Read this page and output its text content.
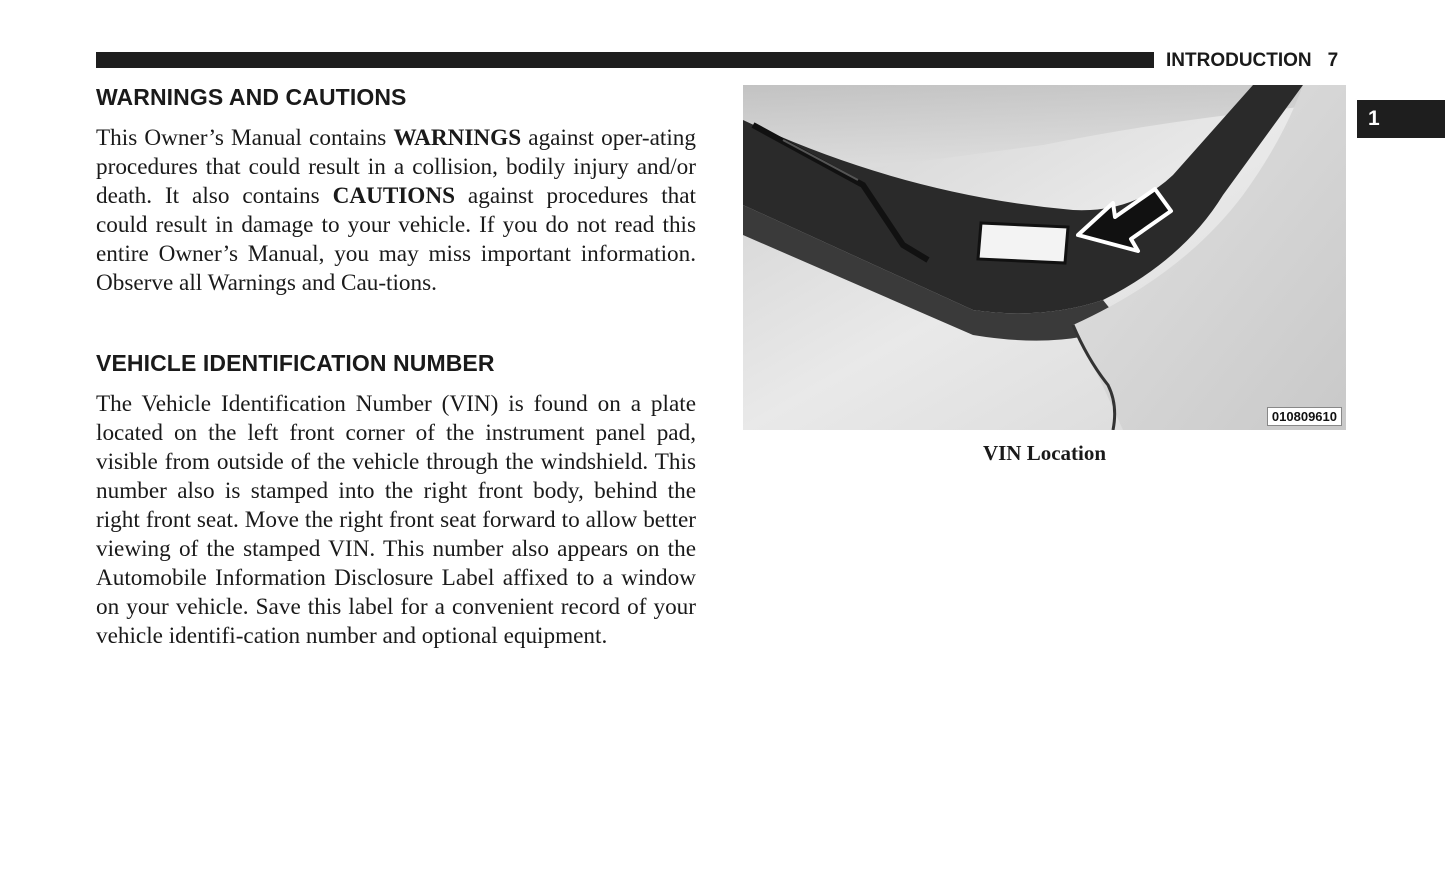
INTRODUCTION 7
1
WARNINGS AND CAUTIONS

This Owner’s Manual contains WARNINGS against oper-ating procedures that could result in a collision, bodily injury and/or death. It also contains CAUTIONS against procedures that could result in damage to your vehicle. If you do not read this entire Owner’s Manual, you may miss important information. Observe all Warnings and Cau-tions.

VEHICLE IDENTIFICATION NUMBER

The Vehicle Identification Number (VIN) is found on a plate located on the left front corner of the instrument panel pad, visible from outside of the vehicle through the windshield. This number also is stamped into the right front body, behind the right front seat. Move the right front seat forward to allow better viewing of the stamped VIN. This number also appears on the Automobile Information Disclosure Label affixed to a window on your vehicle. Save this label for a convenient record of your vehicle identifi-cation number and optional equipment.

010809610
VIN Location
